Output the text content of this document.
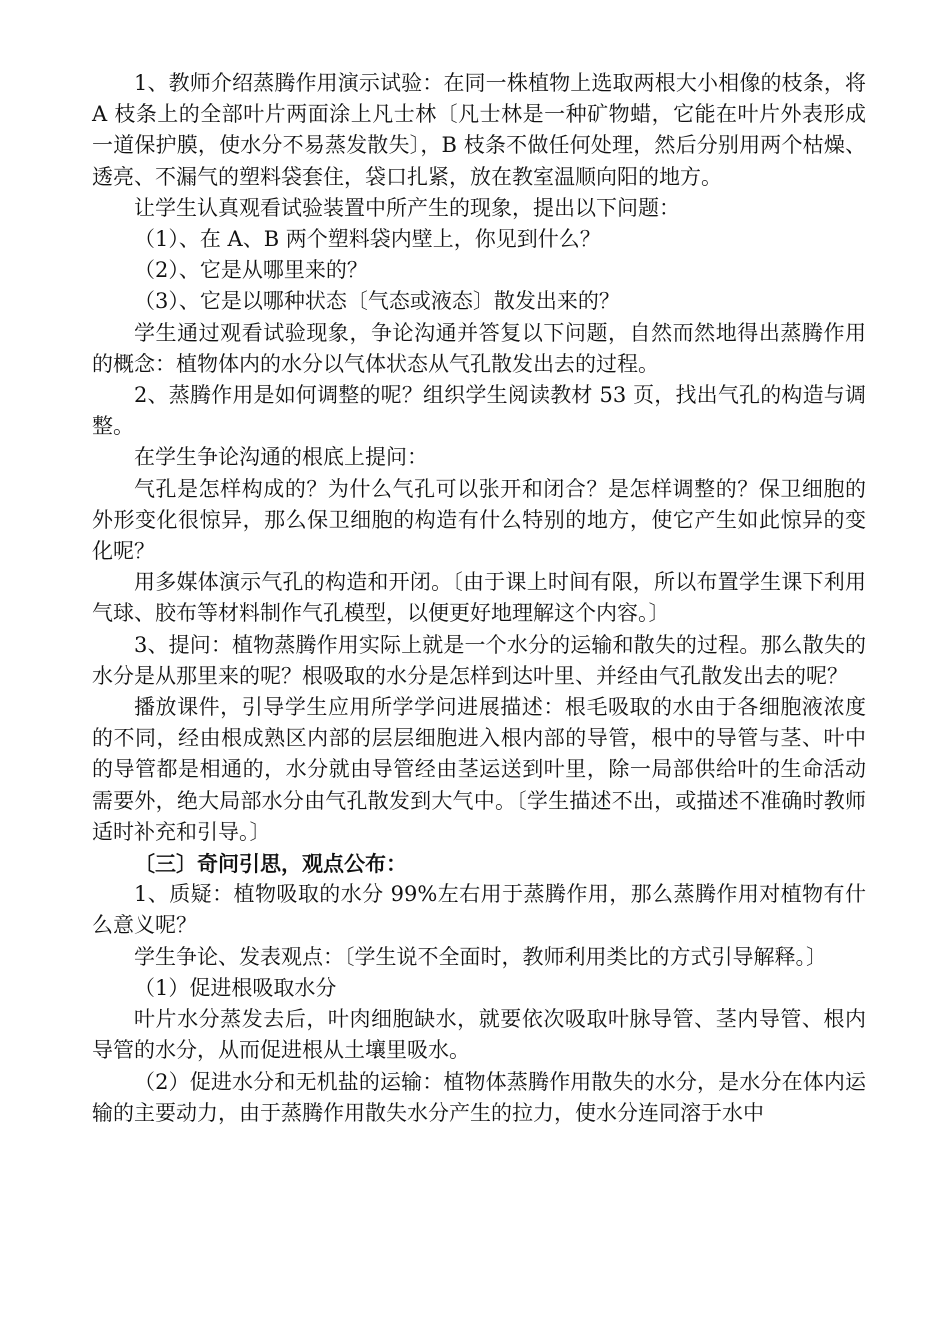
1、教师介绍蒸腾作用演示试验：在同一株植物上选取两根大小相像的枝条，将 A 枝条上的全部叶片两面涂上凡士林〔凡士林是一种矿物蜡，它能在叶片外表形成一道保护膜，使水分不易蒸发散失〕，B 枝条不做任何处理，然后分别用两个枯燥、透亮、不漏气的塑料袋套住，袋口扎紧，放在教室温顺向阳的地方。

让学生认真观看试验装置中所产生的现象，提出以下问题：

（1）、在 A、B 两个塑料袋内壁上，你见到什么？

（2）、它是从哪里来的？

（3）、它是以哪种状态〔气态或液态〕散发出来的？

学生通过观看试验现象，争论沟通并答复以下问题，自然而然地得出蒸腾作用的概念：植物体内的水分以气体状态从气孔散发出去的过程。

2、蒸腾作用是如何调整的呢？组织学生阅读教材 53 页，找出气孔的构造与调整。

在学生争论沟通的根底上提问：

气孔是怎样构成的？为什么气孔可以张开和闭合？是怎样调整的？保卫细胞的外形变化很惊异，那么保卫细胞的构造有什么特别的地方，使它产生如此惊异的变化呢？

用多媒体演示气孔的构造和开闭。〔由于课上时间有限，所以布置学生课下利用气球、胶布等材料制作气孔模型，以便更好地理解这个内容。〕

3、提问：植物蒸腾作用实际上就是一个水分的运输和散失的过程。那么散失的水分是从那里来的呢？根吸取的水分是怎样到达叶里、并经由气孔散发出去的呢？

播放课件，引导学生应用所学学问进展描述：根毛吸取的水由于各细胞液浓度的不同，经由根成熟区内部的层层细胞进入根内部的导管，根中的导管与茎、叶中的导管都是相通的，水分就由导管经由茎运送到叶里，除一局部供给叶的生命活动需要外，绝大局部水分由气孔散发到大气中。〔学生描述不出，或描述不准确时教师适时补充和引导。〕

〔三〕奇问引思，观点公布：

1、质疑：植物吸取的水分 99%左右用于蒸腾作用，那么蒸腾作用对植物有什么意义呢？

学生争论、发表观点：〔学生说不全面时，教师利用类比的方式引导解释。〕

（1）促进根吸取水分

叶片水分蒸发去后，叶肉细胞缺水，就要依次吸取叶脉导管、茎内导管、根内导管的水分，从而促进根从土壤里吸水。

（2）促进水分和无机盐的运输：植物体蒸腾作用散失的水分，是水分在体内运输的主要动力，由于蒸腾作用散失水分产生的拉力，使水分连同溶于水中
